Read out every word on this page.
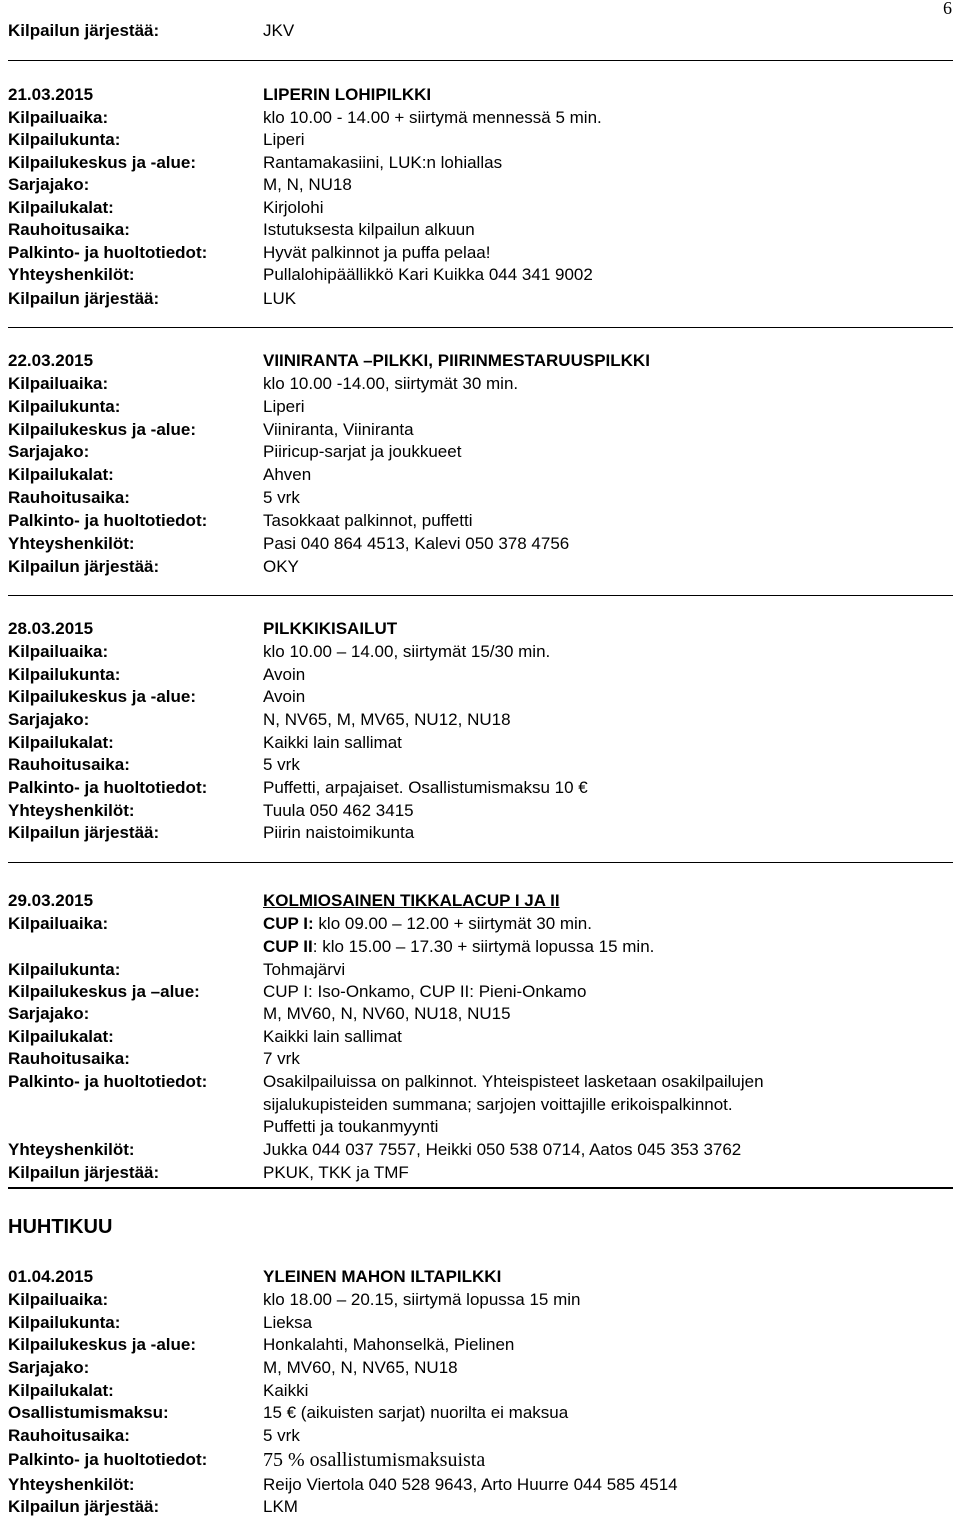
6
Kilpailun järjestää:	JKV
21.03.2015	LIPERIN LOHIPILKKI
Kilpailuaika:	klo 10.00 - 14.00 + siirtymä mennessä 5 min.
Kilpailukunta:	Liperi
Kilpailukeskus ja -alue:	Rantamakasiini, LUK:n lohiallas
Sarjajako:	M, N, NU18
Kilpailukalat:	Kirjolohi
Rauhoitusaika:	Istutuksesta kilpailun alkuun
Palkinto- ja huoltotiedot:	Hyvät palkinnot ja puffa pelaa!
Yhteyshenkilöt:	Pullalohipäällikkö Kari Kuikka 044 341 9002
Kilpailun järjestää:	LUK
22.03.2015	VIINIRANTA –PILKKI, PIIRINMESTARUUSPILKKI
Kilpailuaika:	klo 10.00 -14.00, siirtymät 30 min.
Kilpailukunta:	Liperi
Kilpailukeskus ja -alue:	Viiniranta, Viiniranta
Sarjajako:	Piiricup-sarjat ja joukkueet
Kilpailukalat:	Ahven
Rauhoitusaika:	5 vrk
Palkinto- ja huoltotiedot:	Tasokkaat palkinnot, puffetti
Yhteyshenkilöt:	Pasi 040 864 4513, Kalevi 050 378 4756
Kilpailun järjestää:	OKY
28.03.2015	PILKKIKISAILUT
Kilpailuaika:	klo 10.00 – 14.00, siirtymät 15/30 min.
Kilpailukunta:	Avoin
Kilpailukeskus ja -alue:	Avoin
Sarjajako:	N, NV65, M, MV65, NU12, NU18
Kilpailukalat:	Kaikki lain sallimat
Rauhoitusaika:	5 vrk
Palkinto- ja huoltotiedot:	Puffetti, arpajaiset. Osallistumismaksu 10 €
Yhteyshenkilöt:	Tuula 050 462 3415
Kilpailun järjestää:	Piirin naistoimikunta
29.03.2015	KOLMIOSAINEN TIKKALACUP I JA II
Kilpailuaika:	CUP I: klo 09.00 – 12.00 + siirtymät 30 min.
CUP II: klo 15.00 – 17.30 + siirtymä lopussa 15 min.
Kilpailukunta:	Tohmajärvi
Kilpailukeskus ja –alue:	CUP I: Iso-Onkamo, CUP II: Pieni-Onkamo
Sarjajako:	M, MV60, N, NV60, NU18, NU15
Kilpailukalat:	Kaikki lain sallimat
Rauhoitusaika:	7 vrk
Palkinto- ja huoltotiedot:	Osakilpailuissa on palkinnot. Yhteispisteet lasketaan osakilpailujen
sijalukupisteiden summana; sarjojen voittajille erikoispalkinnot.
Puffetti ja toukanmyynti
Yhteyshenkilöt:	Jukka 044 037 7557, Heikki 050 538 0714, Aatos 045 353 3762
Kilpailun järjestää:	PKUK, TKK ja TMF
HUHTIKUU
01.04.2015	YLEINEN MAHON ILTAPILKKI
Kilpailuaika:	klo 18.00 – 20.15, siirtymä lopussa 15 min
Kilpailukunta:	Lieksa
Kilpailukeskus ja -alue:	Honkalahti, Mahonselkä, Pielinen
Sarjajako:	M, MV60, N, NV65, NU18
Kilpailukalat:	Kaikki
Osallistumismaksu:	15 € (aikuisten sarjat) nuorilta ei maksua
Rauhoitusaika:	5 vrk
Palkinto- ja huoltotiedot:	75 % osallistumismaksuista
Yhteyshenkilöt:	Reijo Viertola 040 528 9643, Arto Huurre 044 585 4514
Kilpailun järjestää:	LKM
